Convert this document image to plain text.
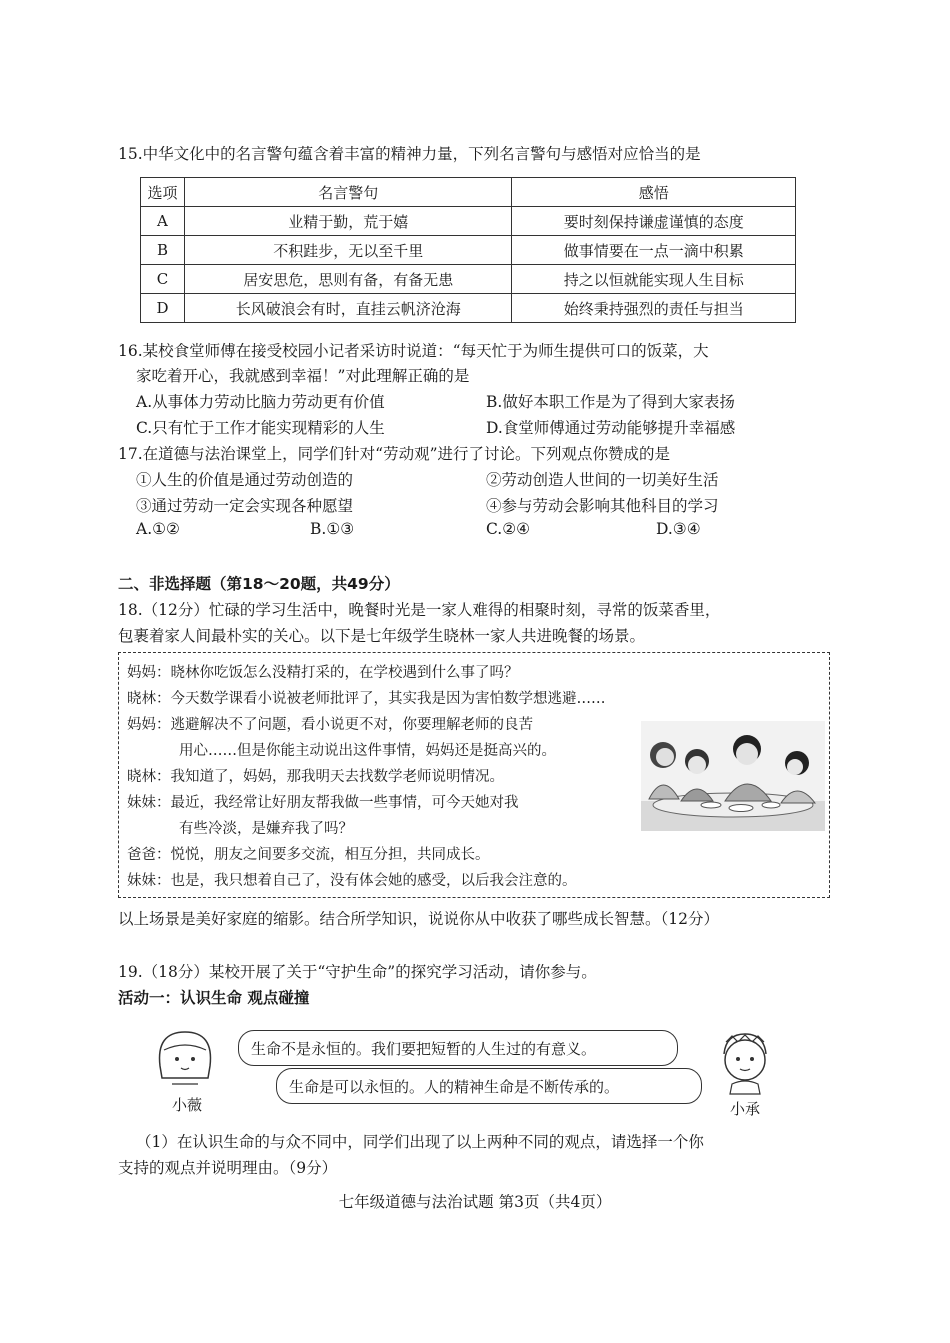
15.中华文化中的名言警句蕴含着丰富的精神力量，下列名言警句与感悟对应恰当的是
选项	名言警句	感悟
A	业精于勤，荒于嬉	要时刻保持谦虚谨慎的态度
B	不积跬步，无以至千里	做事情要在一点一滴中积累
C	居安思危，思则有备，有备无患	持之以恒就能实现人生目标
D	长风破浪会有时，直挂云帆济沧海	始终秉持强烈的责任与担当
16.某校食堂师傅在接受校园小记者采访时说道：“每天忙于为师生提供可口的饭菜，大
家吃着开心，我就感到幸福！”对此理解正确的是
A.从事体力劳动比脑力劳动更有价值	B.做好本职工作是为了得到大家表扬
C.只有忙于工作才能实现精彩的人生	D.食堂师傅通过劳动能够提升幸福感
17.在道德与法治课堂上，同学们针对“劳动观”进行了讨论。下列观点你赞成的是
①人生的价值是通过劳动创造的	②劳动创造人世间的一切美好生活
③通过劳动一定会实现各种愿望	④参与劳动会影响其他科目的学习
A.①②	B.①③	C.②④	D.③④
二、非选择题（第18～20题，共49分）
18.（12分）忙碌的学习生活中，晚餐时光是一家人难得的相聚时刻，寻常的饭菜香里，
包裹着家人间最朴实的关心。以下是七年级学生晓林一家人共进晚餐的场景。
妈妈：晓林你吃饭怎么没精打采的，在学校遇到什么事了吗？
晓林：今天数学课看小说被老师批评了，其实我是因为害怕数学想逃避……
妈妈：逃避解决不了问题，看小说更不对，你要理解老师的良苦
用心……但是你能主动说出这件事情，妈妈还是挺高兴的。
晓林：我知道了，妈妈，那我明天去找数学老师说明情况。
妹妹：最近，我经常让好朋友帮我做一些事情，可今天她对我
有些冷淡，是嫌弃我了吗？
爸爸：悦悦，朋友之间要多交流，相互分担，共同成长。
妹妹：也是，我只想着自己了，没有体会她的感受，以后我会注意的。
以上场景是美好家庭的缩影。结合所学知识，说说你从中收获了哪些成长智慧。（12分）
19.（18分）某校开展了关于“守护生命”的探究学习活动，请你参与。
活动一：认识生命 观点碰撞
小薇
生命不是永恒的。我们要把短暂的人生过的有意义。
生命是可以永恒的。人的精神生命是不断传承的。
小承
（1）在认识生命的与众不同中，同学们出现了以上两种不同的观点，请选择一个你
支持的观点并说明理由。（9分）
七年级道德与法治试题 第3页（共4页）
